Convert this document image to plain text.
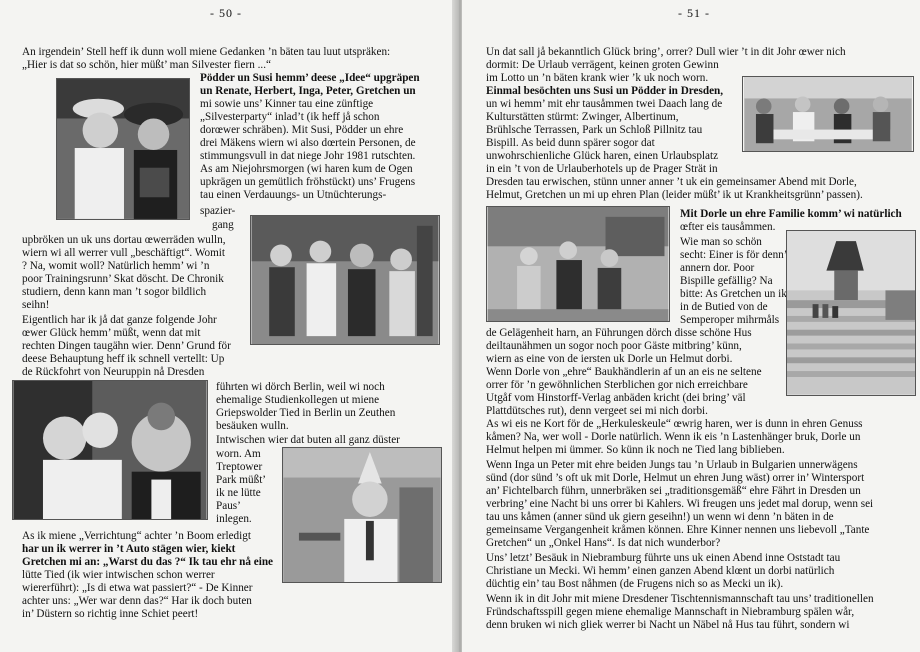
- 50 -
An irgendein’ Stell heff ik dunn woll miene Gedanken ’n bäten tau luut utspräken:
„Hier is dat so schön, hier müßt’ man Silvester fiern ...“
Pödder un Susi hemm’ deese „Idee“ upgräpen
un Renate, Herbert, Inga, Peter, Gretchen un
mi sowie uns’ Kinner tau eine zünftige
„Silvesterparty“ inlad’t (ik heff jå schon
dorœwer schräben). Mit Susi, Pödder un ehre
drei Mäkens wiern wi also dœrtein Personen, de
stimmungsvull in dat niege Johr 1981 rutschten.
As am Niejohrsmorgen (wi haren kum de Ogen
upkrägen un gemütlich fröhstückt) uns’ Frugens
tau einen Verdauungs- un Utnüchterungs-
spazier-
gang
upbröken un uk uns dortau œwerräden wulln,
wiern wi all werrer vull „beschäftigt“. Womit
? Na, womit woll? Natürlich hemm’ wi ’n
poor Trainingsrunn’ Skat döscht. De Chronik
studiern, denn kann man ’t sogor bildlich
seihn!
Eigentlich har ik jå dat ganze folgende Johr
œwer Glück hemm’ müßt, wenn dat mit
rechten Dingen taugähn wier. Denn’ Grund för
deese Behauptung heff ik schnell vertellt: Up
de Rückfohrt von Neuruppin nå Dresden
führten wi dörch Berlin, weil wi noch
ehemalige Studienkollegen ut miene
Griepswolder Tied in Berlin un Zeuthen
besäuken wulln.
Intwischen wier dat buten all ganz düster
worn. Am
Treptower
Park müßt’
ik ne lütte
Paus’
inlegen.
As ik miene „Verrichtung“ achter ’n Boom erledigt
har un ik werrer in ’t Auto stägen wier, kiekt
Gretchen mi an: „Warst du das ?“ Ik tau ehr nå eine
lütte Tied (ik wier intwischen schon werrer
wiererführt): „Is di etwa wat passiert?“ - De Kinner
achter uns: „Wer war denn das?“ Har ik doch buten
in’ Düstern so richtig inne Schiet peert!
- 51 -
Un dat sall jå bekanntlich Glück bring’, orrer? Dull wier ’t in dit Johr œwer nich
dormit: De Urlaub verrägent, keinen groten Gewinn
im Lotto un ’n bäten krank wier ’k uk noch worn.
Einmal besöchten uns Susi un Pödder in Dresden,
un wi hemm’ mit ehr tausåmmen twei Daach lang de
Kulturstätten stürmt: Zwinger, Albertinum,
Brühlsche Terrassen, Park un Schloß Pillnitz tau
Bispill. As beid dunn spärer sogor dat
unwohrschienliche Glück haren, einen Urlaubsplatz
in ein ’t von de Urlauberhotels up de Prager Strät in
Dresden tau erwischen, stünn unner anner ’t uk ein gemeinsamer Abend mit Dorle,
Helmut, Gretchen un mi up ehren Plan (leider müßt’ ik ut Krankheitsgrünn’ passen).
Mit Dorle un ehre Familie komm’ wi natürlich
œfter eis tausåmmen.
Wie man so schön
secht: Einer is för denn’
annern dor. Poor
Bispille gefällig? Na
bitte: As Gretchen un ik
in de Butied von de
Semperoper mihrmåls
de Gelägenheit harn, an Führungen dörch disse schöne Hus
deiltaunähmen un sogor noch poor Gäste mitbring’ künn,
wiern as eine von de iersten uk Dorle un Helmut dorbi.
Wenn Dorle von „ehre“ Baukhändlerin af un an eis ne seltene
orrer för ’n gewöhnlichen Sterblichen gor nich erreichbare
Utgåf vom Hinstorff-Verlag anbäden kricht (dei bring’ väl
Plattdütsches rut), denn vergeet sei mi nich dorbi.
As wi eis ne Kort för de „Herkuleskeule“ œwrig haren, wer is dunn in ehren Genuss
kåmen? Na, wer woll - Dorle natürlich. Wenn ik eis ’n Lastenhänger bruk, Dorle un
Helmut helpen mi ümmer. So künn ik noch ne Tied lang biblieben.
Wenn Inga un Peter mit ehre beiden Jungs tau ’n Urlaub in Bulgarien unnerwägens
sünd (dor sünd ’s oft uk mit Dorle, Helmut un ehren Jung wäst) orrer in’ Wintersport
an’ Fichtelbarch führn, unnerbräken sei „traditionsgemäß“ ehre Fährt in Dresden un
verbring’ eine Nacht bi uns orrer bi Kahlers. Wi freugen uns jedet mal dorup, wenn sei
tau uns kåmen (anner sünd uk giern geseihn!) un wenn wi denn ’n bäten in de
gemeinsame Vergangenheit kråmen können. Ehre Kinner nennen uns liebevoll „Tante
Gretchen“ un „Onkel Hans“. Is dat nich wunderbor?
Uns’ letzt’ Besäuk in Niebramburg führte uns uk einen Abend inne Oststadt tau
Christiane un Mecki. Wi hemm’ einen ganzen Abend klœnt un dorbi natürlich
düchtig ein’ tau Bost nåhmen (de Frugens nich so as Mecki un ik).
Wenn ik in dit Johr mit miene Dresdener Tischtennismannschaft tau uns’ traditionellen
Fründschaftsspill gegen miene ehemalige Mannschaft in Niebramburg spälen wår,
denn bruken wi nich gliek werrer bi Nacht un Näbel nå Hus tau führt, sondern wi
